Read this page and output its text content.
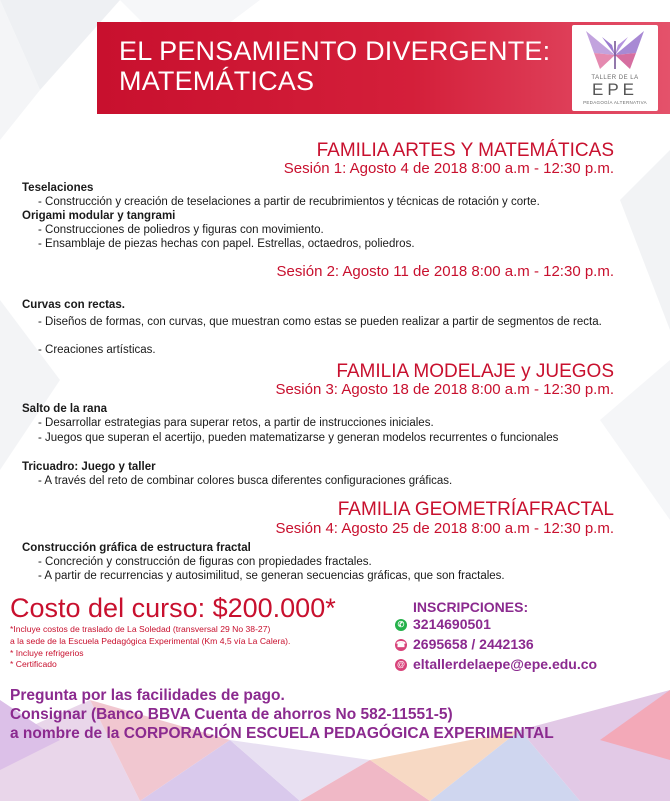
EL PENSAMIENTO DIVERGENTE:
MATEMÁTICAS	TALLER DE LA
EPE
PEDAGOGÍA ALTERNATIVA
FAMILIA ARTES Y MATEMÁTICAS
Sesión 1: Agosto 4 de 2018 8:00 a.m - 12:30 p.m.
Teselaciones
- Construcción y creación de teselaciones a partir de recubrimientos y técnicas de rotación y corte.
Origami modular y tangrami
- Construcciones de poliedros y figuras con movimiento.
- Ensamblaje de piezas hechas con papel. Estrellas, octaedros, poliedros.
Sesión 2: Agosto 11 de 2018 8:00 a.m - 12:30 p.m.
Curvas con rectas.
- Diseños de formas, con curvas, que muestran como estas se pueden realizar a partir de segmentos de recta.
- Creaciones artísticas.
FAMILIA MODELAJE y JUEGOS
Sesión 3: Agosto 18 de 2018 8:00 a.m - 12:30 p.m.
Salto de la rana
- Desarrollar estrategias para superar retos, a partir de instrucciones iniciales.
- Juegos que superan el acertijo, pueden matematizarse y generan modelos recurrentes o funcionales
Tricuadro: Juego y taller
- A través del reto de combinar colores busca diferentes configuraciones gráficas.
FAMILIA GEOMETRÍAFRACTAL
Sesión 4: Agosto 25 de 2018 8:00 a.m - 12:30 p.m.
Construcción gráfica de estructura fractal
- Concreción y construcción de figuras con propiedades fractales.
- A partir de recurrencias y autosimilitud, se generan secuencias gráficas, que son fractales.
Costo del curso: $200.000*
*Incluye costos de traslado de La Soledad (transversal 29 No 38-27)
a la sede de la Escuela Pedagógica Experimental (Km 4,5 vía La Calera).
* Incluye refrigerios
* Certificado
INSCRIPCIONES:
✆ 3214690501
☎ 2695658 / 2442136
@ eltallerdelaepe@epe.edu.co
Pregunta por las facilidades de pago.
Consignar (Banco BBVA Cuenta de ahorros No 582-11551-5)
a nombre de la CORPORACIÓN ESCUELA PEDAGÓGICA EXPERIMENTAL
